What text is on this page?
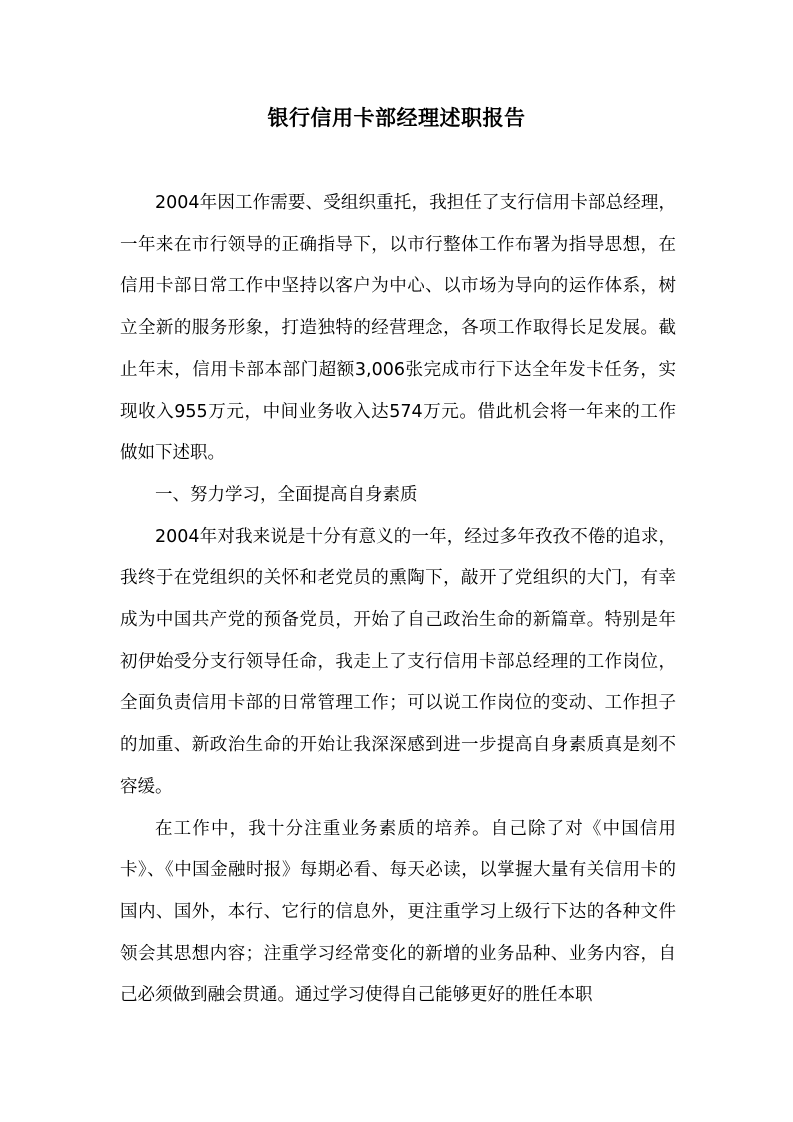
银行信用卡部经理述职报告

2004年因工作需要、受组织重托，我担任了支行信用卡部总经理，一年来在市行领导的正确指导下，以市行整体工作布署为指导思想，在信用卡部日常工作中坚持以客户为中心、以市场为导向的运作体系，树立全新的服务形象，打造独特的经营理念，各项工作取得长足发展。截止年末，信用卡部本部门超额3,006张完成市行下达全年发卡任务，实现收入955万元，中间业务收入达574万元。借此机会将一年来的工作做如下述职。

一、努力学习，全面提高自身素质

2004年对我来说是十分有意义的一年，经过多年孜孜不倦的追求，我终于在党组织的关怀和老党员的熏陶下，敲开了党组织的大门，有幸成为中国共产党的预备党员，开始了自己政治生命的新篇章。特别是年初伊始受分支行领导任命，我走上了支行信用卡部总经理的工作岗位，全面负责信用卡部的日常管理工作；可以说工作岗位的变动、工作担子的加重、新政治生命的开始让我深深感到进一步提高自身素质真是刻不容缓。

在工作中，我十分注重业务素质的培养。自己除了对《中国信用卡》、《中国金融时报》每期必看、每天必读，以掌握大量有关信用卡的国内、国外，本行、它行的信息外，更注重学习上级行下达的各种文件领会其思想内容；注重学习经常变化的新增的业务品种、业务内容，自己必须做到融会贯通。通过学习使得自己能够更好的胜任本职
